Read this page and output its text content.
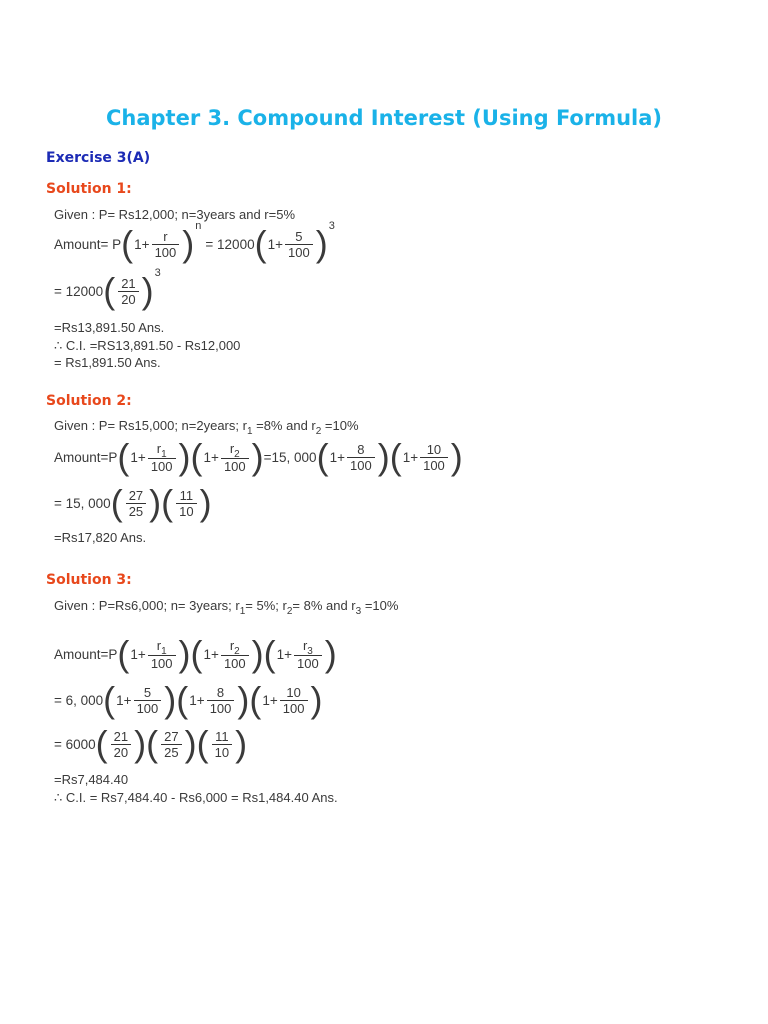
Chapter 3. Compound Interest (Using Formula)
Exercise 3(A)
Solution 1:
Given : P= Rs12,000; n=3years and r=5%
Amount= P ( $1+ \frac{r}{100}$
)
n
= 12000 ( $1+ \frac{5}{100}$
)
3
= 12000 ( $\frac{21}{20}$
)
3
=Rs13,891.50 Ans.
∴ C.I. =RS13,891.50 - Rs12,000
= Rs1,891.50 Ans.
Solution 2:
Given : P= Rs15,000; n=2years; $r_1 =8\%$ and $r_2 =10\%$
Amount=P ( $1+ \frac{r_1}{100}$
) ( $1+ \frac{r_2}{100}$
) =15, 000 ( $1+ \frac{8}{100}$
) ( $1+ \frac{10}{100}$
)
= 15, 000 ( $\frac{27}{25}$
) ( $\frac{11}{10}$
)
=Rs17,820 Ans.
Solution 3:
Given : P=Rs6,000; n= 3years; $r_1= 5\%$; $r_2= 8\%$ and $r_3 =10\%$
Amount=P ( $1+ \frac{r_1}{100}$
) ( $1+ \frac{r_2}{100}$
) ( $1+ \frac{r_3}{100}$
)
= 6, 000 ( $1+ \frac{5}{100}$
) ( $1+ \frac{8}{100}$
) ( $1+ \frac{10}{100}$
)
= 6000 ( $\frac{21}{20}$
) ( $\frac{27}{25}$
) ( $\frac{11}{10}$
)
=Rs7,484.40
∴ C.I. = Rs7,484.40 - Rs6,000 = Rs1,484.40 Ans.
